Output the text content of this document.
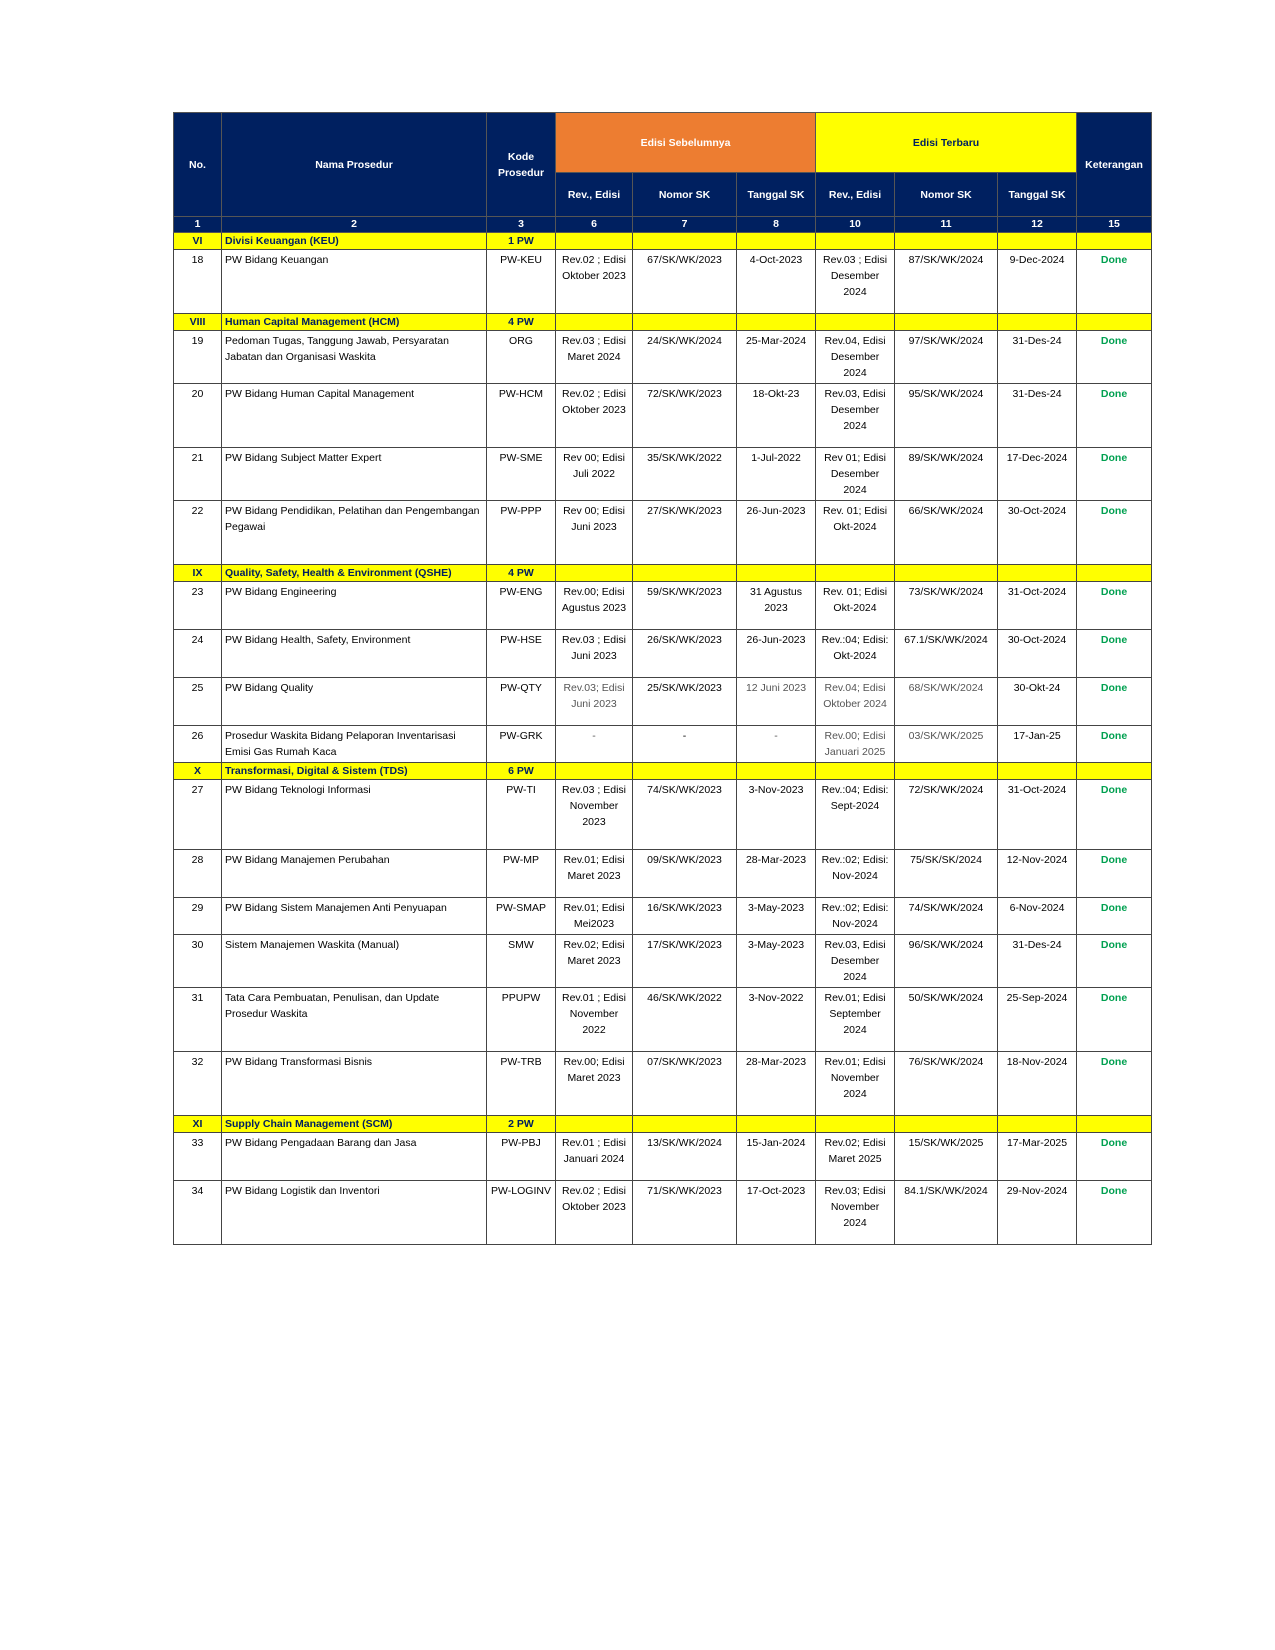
No.	Nama Prosedur	Kode Prosedur	Edisi Sebelumnya			Edisi Terbaru			Keterangan
			Rev., Edisi	Nomor SK	Tanggal SK	Rev., Edisi	Nomor SK	Tanggal SK	
1	2	3	6	7	8	10	11	12	15
VI	Divisi Keuangan (KEU)	1 PW							
18	PW Bidang Keuangan	PW-KEU	Rev.02 ; Edisi Oktober 2023	67/SK/WK/2023	4-Oct-2023	Rev.03 ; Edisi Desember 2024	87/SK/WK/2024	9-Dec-2024	Done
VIII	Human Capital Management (HCM)	4 PW							
19	Pedoman Tugas, Tanggung Jawab, Persyaratan Jabatan dan Organisasi Waskita	ORG	Rev.03 ; Edisi Maret 2024	24/SK/WK/2024	25-Mar-2024	Rev.04, Edisi Desember 2024	97/SK/WK/2024	31-Des-24	Done
20	PW Bidang Human Capital Management	PW-HCM	Rev.02 ; Edisi Oktober 2023	72/SK/WK/2023	18-Okt-23	Rev.03, Edisi Desember 2024	95/SK/WK/2024	31-Des-24	Done
21	PW Bidang Subject Matter Expert	PW-SME	Rev 00; Edisi Juli 2022	35/SK/WK/2022	1-Jul-2022	Rev 01; Edisi Desember 2024	89/SK/WK/2024	17-Dec-2024	Done
22	PW Bidang Pendidikan, Pelatihan dan Pengembangan Pegawai	PW-PPP	Rev 00; Edisi Juni 2023	27/SK/WK/2023	26-Jun-2023	Rev. 01; Edisi Okt-2024	66/SK/WK/2024	30-Oct-2024	Done
IX	Quality, Safety, Health & Environment (QSHE)	4 PW							
23	PW Bidang Engineering	PW-ENG	Rev.00; Edisi Agustus 2023	59/SK/WK/2023	31 Agustus 2023	Rev. 01; Edisi Okt-2024	73/SK/WK/2024	31-Oct-2024	Done
24	PW Bidang Health, Safety, Environment	PW-HSE	Rev.03 ; Edisi Juni 2023	26/SK/WK/2023	26-Jun-2023	Rev.:04; Edisi: Okt-2024	67.1/SK/WK/2024	30-Oct-2024	Done
25	PW Bidang Quality	PW-QTY	Rev.03; Edisi Juni 2023	25/SK/WK/2023	12 Juni 2023	Rev.04; Edisi Oktober 2024	68/SK/WK/2024	30-Okt-24	Done
26	Prosedur Waskita Bidang Pelaporan Inventarisasi Emisi Gas Rumah Kaca	PW-GRK	-	-	-	Rev.00; Edisi Januari 2025	03/SK/WK/2025	17-Jan-25	Done
X	Transformasi, Digital & Sistem (TDS)	6 PW							
27	PW Bidang Teknologi Informasi	PW-TI	Rev.03 ; Edisi November 2023	74/SK/WK/2023	3-Nov-2023	Rev.:04; Edisi: Sept-2024	72/SK/WK/2024	31-Oct-2024	Done
28	PW Bidang Manajemen Perubahan	PW-MP	Rev.01; Edisi Maret 2023	09/SK/WK/2023	28-Mar-2023	Rev.:02; Edisi: Nov-2024	75/SK/SK/2024	12-Nov-2024	Done
29	PW Bidang Sistem Manajemen Anti Penyuapan	PW-SMAP	Rev.01; Edisi Mei2023	16/SK/WK/2023	3-May-2023	Rev.:02; Edisi: Nov-2024	74/SK/WK/2024	6-Nov-2024	Done
30	Sistem Manajemen Waskita (Manual)	SMW	Rev.02; Edisi Maret 2023	17/SK/WK/2023	3-May-2023	Rev.03, Edisi Desember 2024	96/SK/WK/2024	31-Des-24	Done
31	Tata Cara Pembuatan, Penulisan, dan Update Prosedur Waskita	PPUPW	Rev.01 ; Edisi November 2022	46/SK/WK/2022	3-Nov-2022	Rev.01; Edisi September 2024	50/SK/WK/2024	25-Sep-2024	Done
32	PW Bidang Transformasi Bisnis	PW-TRB	Rev.00; Edisi Maret 2023	07/SK/WK/2023	28-Mar-2023	Rev.01; Edisi November 2024	76/SK/WK/2024	18-Nov-2024	Done
XI	Supply Chain Management (SCM)	2 PW							
33	PW Bidang Pengadaan Barang dan Jasa	PW-PBJ	Rev.01 ; Edisi Januari 2024	13/SK/WK/2024	15-Jan-2024	Rev.02; Edisi Maret 2025	15/SK/WK/2025	17-Mar-2025	Done
34	PW Bidang Logistik dan Inventori	PW-LOGINV	Rev.02 ; Edisi Oktober 2023	71/SK/WK/2023	17-Oct-2023	Rev.03; Edisi November 2024	84.1/SK/WK/2024	29-Nov-2024	Done
